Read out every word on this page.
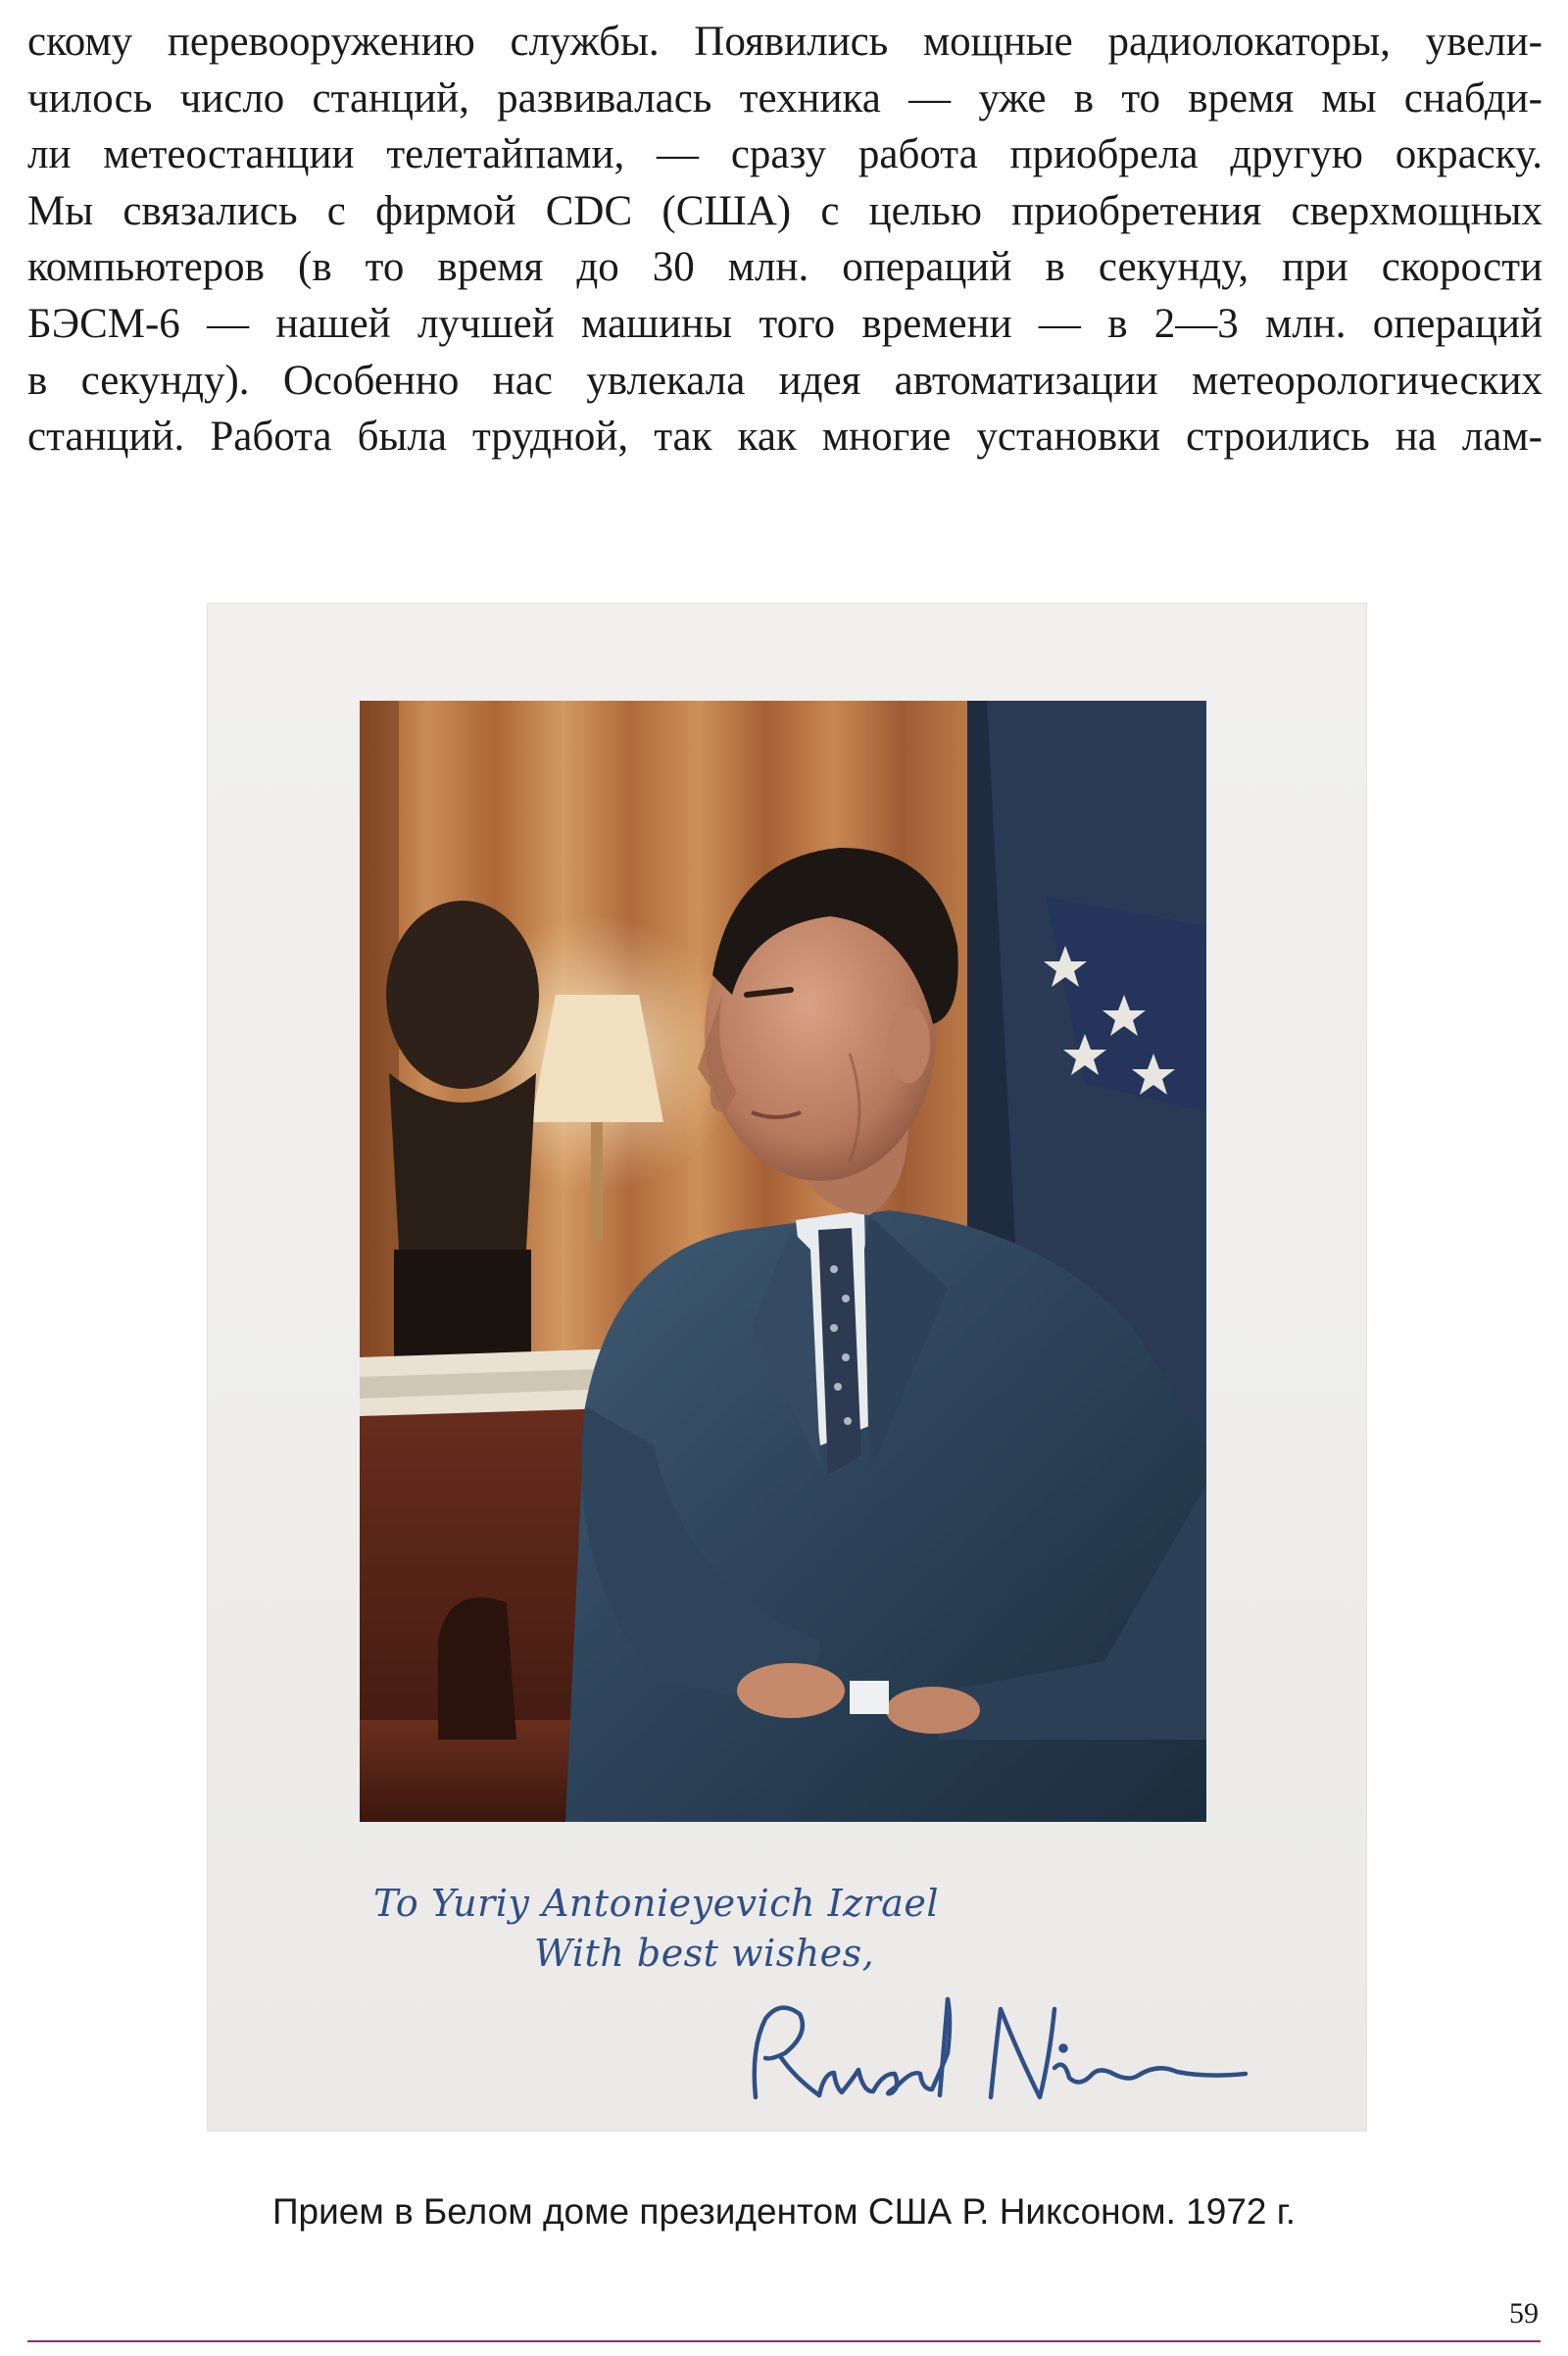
скому перевооружению службы. Появились мощные радиолокаторы, увели-
чилось число станций, развивалась техника — уже в то время мы снабди-
ли метеостанции телетайпами, — сразу работа приобрела другую окраску.
Мы связались с фирмой CDC (США) с целью приобретения сверхмощных
компьютеров (в то время до 30 млн. операций в секунду, при скорости
БЭСМ-6 — нашей лучшей машины того времени — в 2—3 млн. операций
в секунду). Особенно нас увлекала идея автоматизации метеорологических
станций. Работа была трудной, так как многие установки строились на лам-
To Yuriy Antonieyevich Izrael
With best wishes,
Прием в Белом доме президентом США Р. Никсоном. 1972 г.
59
